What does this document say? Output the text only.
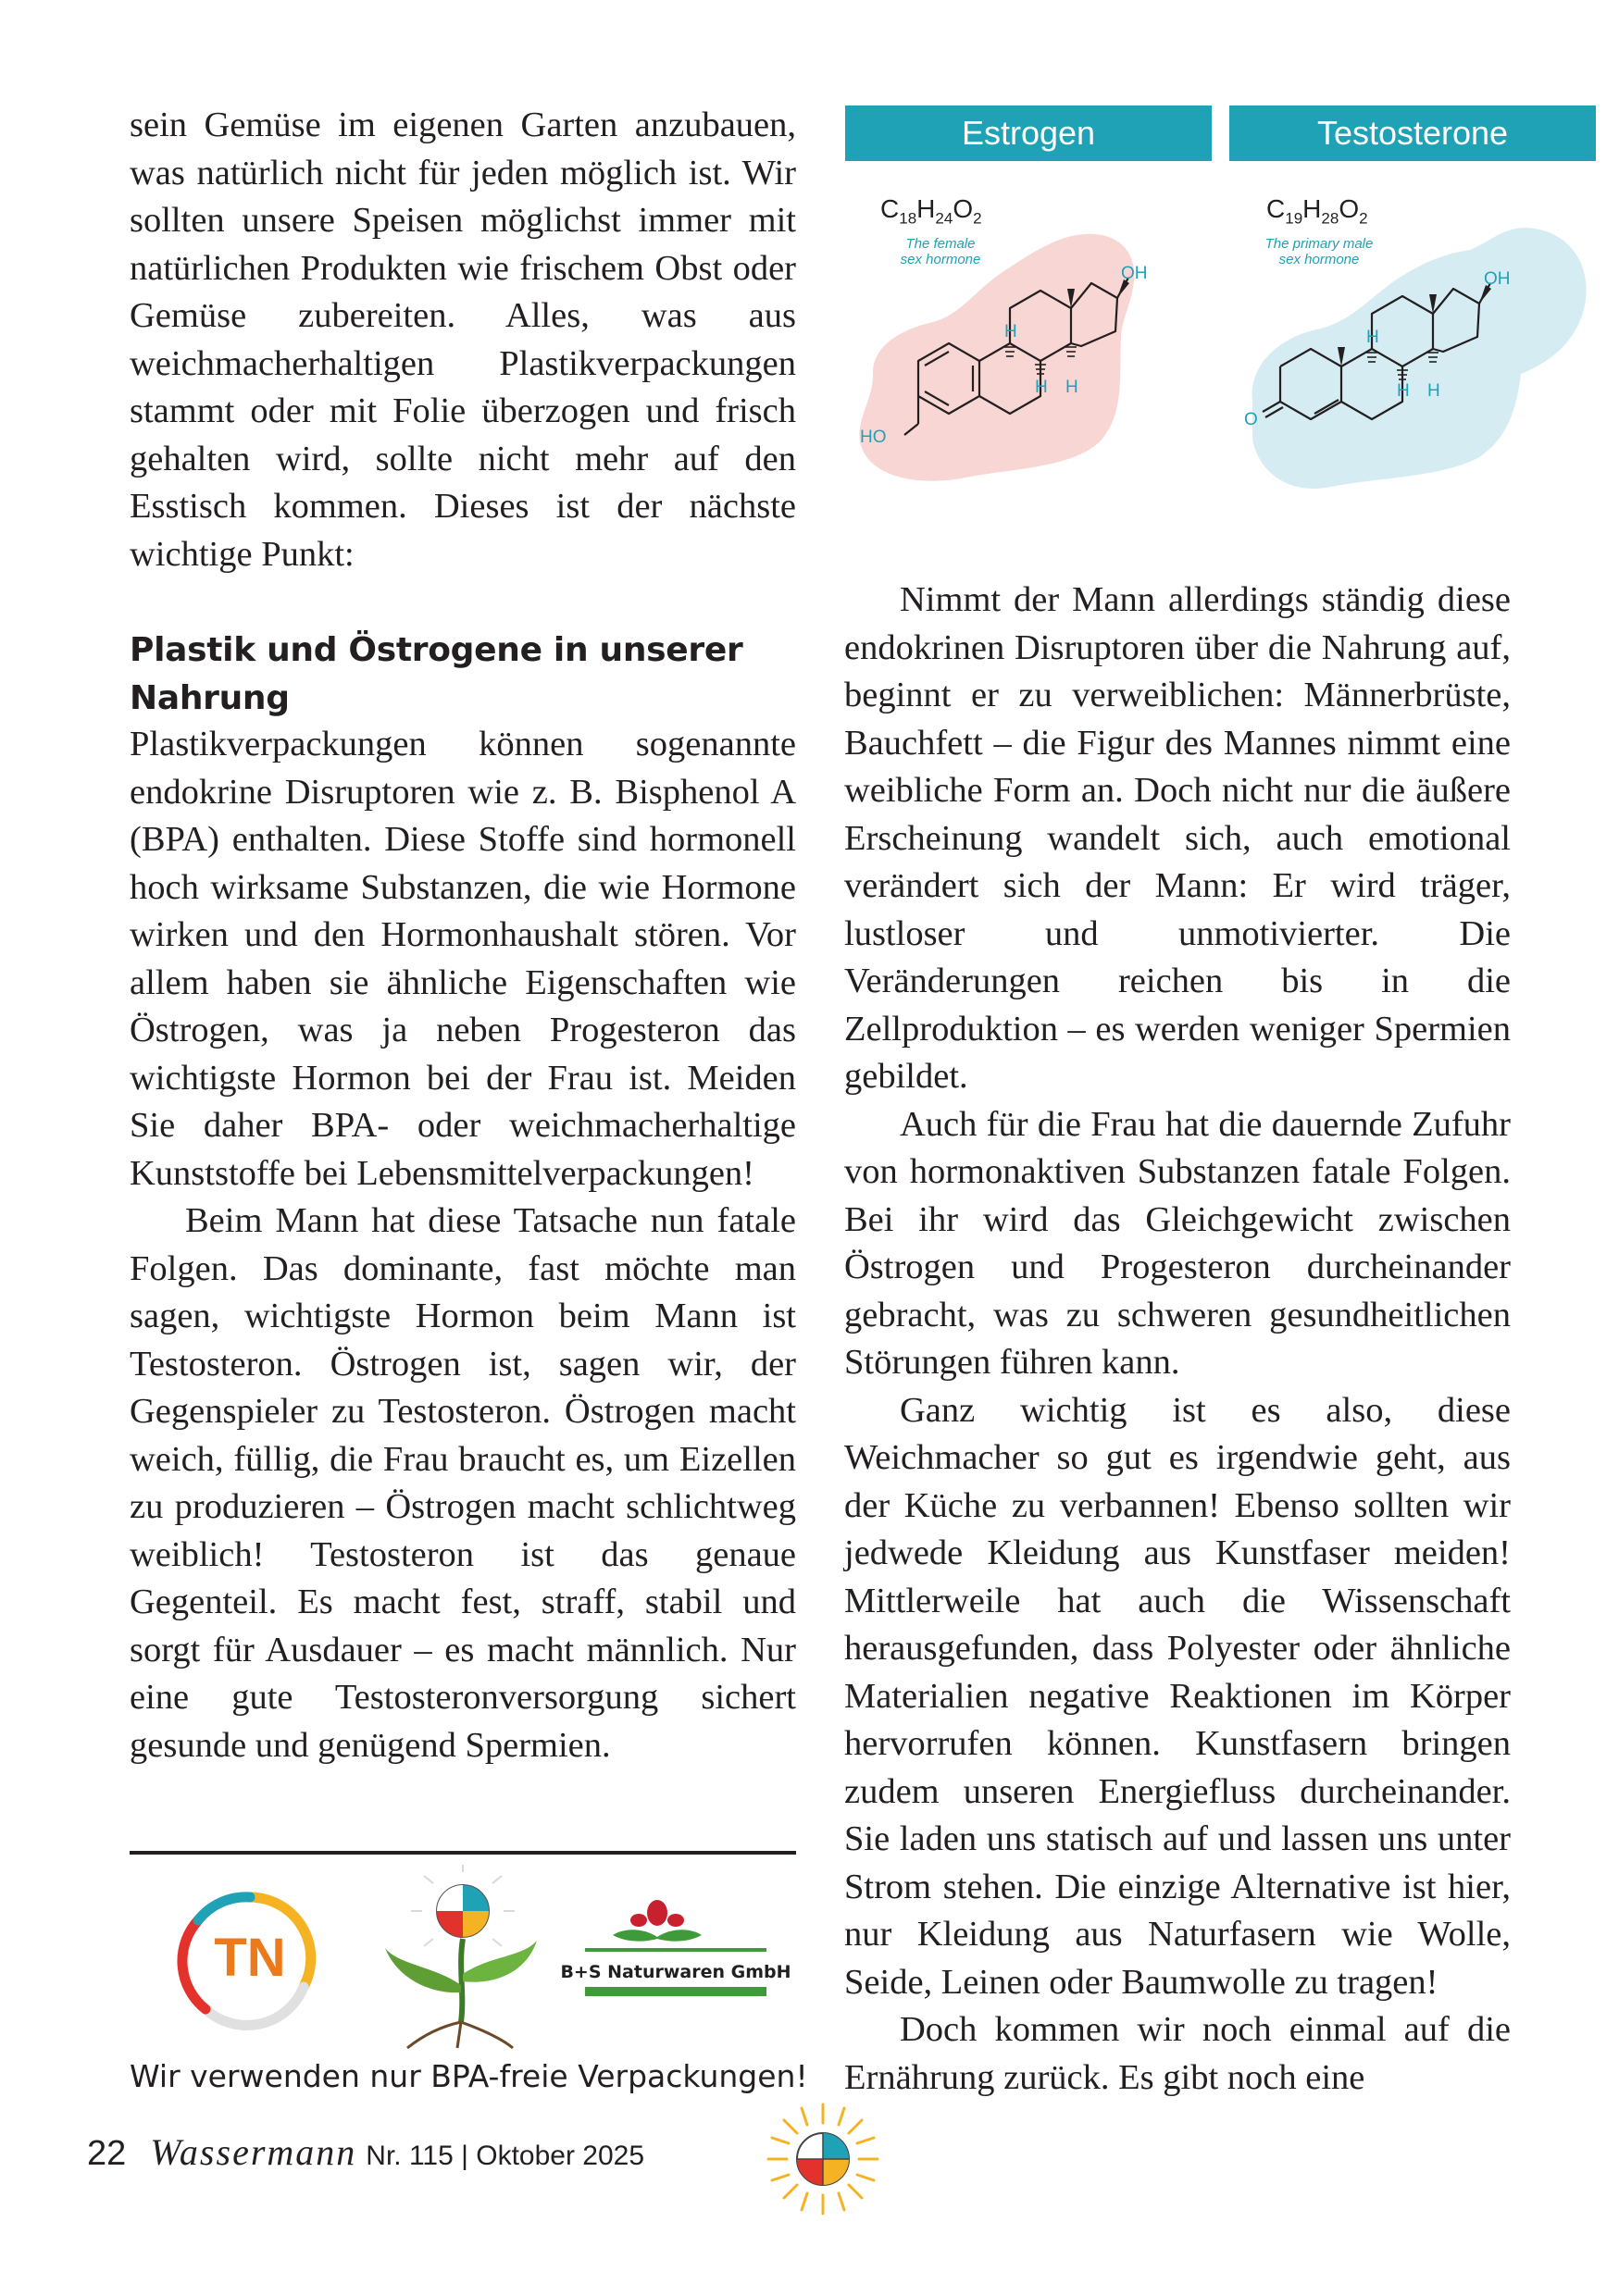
sein Gemüse im eigenen Garten anzubauen, was natürlich nicht für jeden möglich ist. Wir sollten unsere Speisen möglichst immer mit natürlichen Produkten wie frischem Obst oder Gemüse zubereiten. Alles, was aus weichmacherhaltigen Plastikverpackungen stammt oder mit Folie überzogen und frisch gehalten wird, sollte nicht mehr auf den Esstisch kommen. Dieses ist der nächste wichtige Punkt:

Plastik und Östrogene in unserer Nahrung

Plastikverpackungen können sogenannte endokrine Disruptoren wie z. B. Bisphenol A (BPA) enthalten. Diese Stoffe sind hormonell hoch wirksame Substanzen, die wie Hormone wirken und den Hormonhaushalt stören. Vor allem haben sie ähnliche Eigenschaften wie Östrogen, was ja neben Progesteron das wichtigste Hormon bei der Frau ist. Meiden Sie daher BPA- oder weichmacherhaltige Kunststoffe bei Lebensmittelverpackungen!

Beim Mann hat diese Tatsache nun fatale Folgen. Das dominante, fast möchte man sagen, wichtigste Hormon beim Mann ist Testosteron. Östrogen ist, sagen wir, der Gegenspieler zu Testosteron. Östrogen macht weich, füllig, die Frau braucht es, um Eizellen zu produzieren – Östrogen macht schlichtweg weiblich! Testosteron ist das genaue Gegenteil. Es macht fest, straff, stabil und sorgt für Ausdauer – es macht männlich. Nur eine gute Testosteronversorgung sichert gesunde und genügend Spermien.

Estrogen
OH
HO
H
H
H
$C_{18}H_{24}O_2$
The female
sex hormone
Testosterone
OH
O
H
H H
$C_{19}H_{28}O_2$
The primary male
sex hormone

Nimmt der Mann allerdings ständig diese endokrinen Disruptoren über die Nahrung auf, beginnt er zu verweiblichen: Männerbrüste, Bauchfett – die Figur des Mannes nimmt eine weibliche Form an. Doch nicht nur die äußere Erscheinung wandelt sich, auch emotional verändert sich der Mann: Er wird träger, lustloser und unmotivierter. Die Veränderungen reichen bis in die Zellproduktion – es werden weniger Spermien gebildet.

Auch für die Frau hat die dauernde Zufuhr von hormonaktiven Substanzen fatale Folgen. Bei ihr wird das Gleichgewicht zwischen Östrogen und Progesteron durcheinander gebracht, was zu schweren gesundheitlichen Störungen führen kann.

Ganz wichtig ist es also, diese Weichmacher so gut es irgendwie geht, aus der Küche zu verbannen! Ebenso sollten wir jedwede Kleidung aus Kunstfaser meiden! Mittlerweile hat auch die Wissenschaft herausgefunden, dass Polyester oder ähnliche Materialien negative Reaktionen im Körper hervorrufen können. Kunstfasern bringen zudem unseren Energiefluss durcheinander. Sie laden uns statisch auf und lassen uns unter Strom stehen. Die einzige Alternative ist hier, nur Kleidung aus Naturfasern wie Wolle, Seide, Leinen oder Baumwolle zu tragen!

Doch kommen wir noch einmal auf die Ernährung zurück. Es gibt noch eine

TN	B+S Naturwaren GmbH
Wir verwenden nur BPA-freie Verpackungen!
22 Wassermann Nr. 115 | Oktober 2025
